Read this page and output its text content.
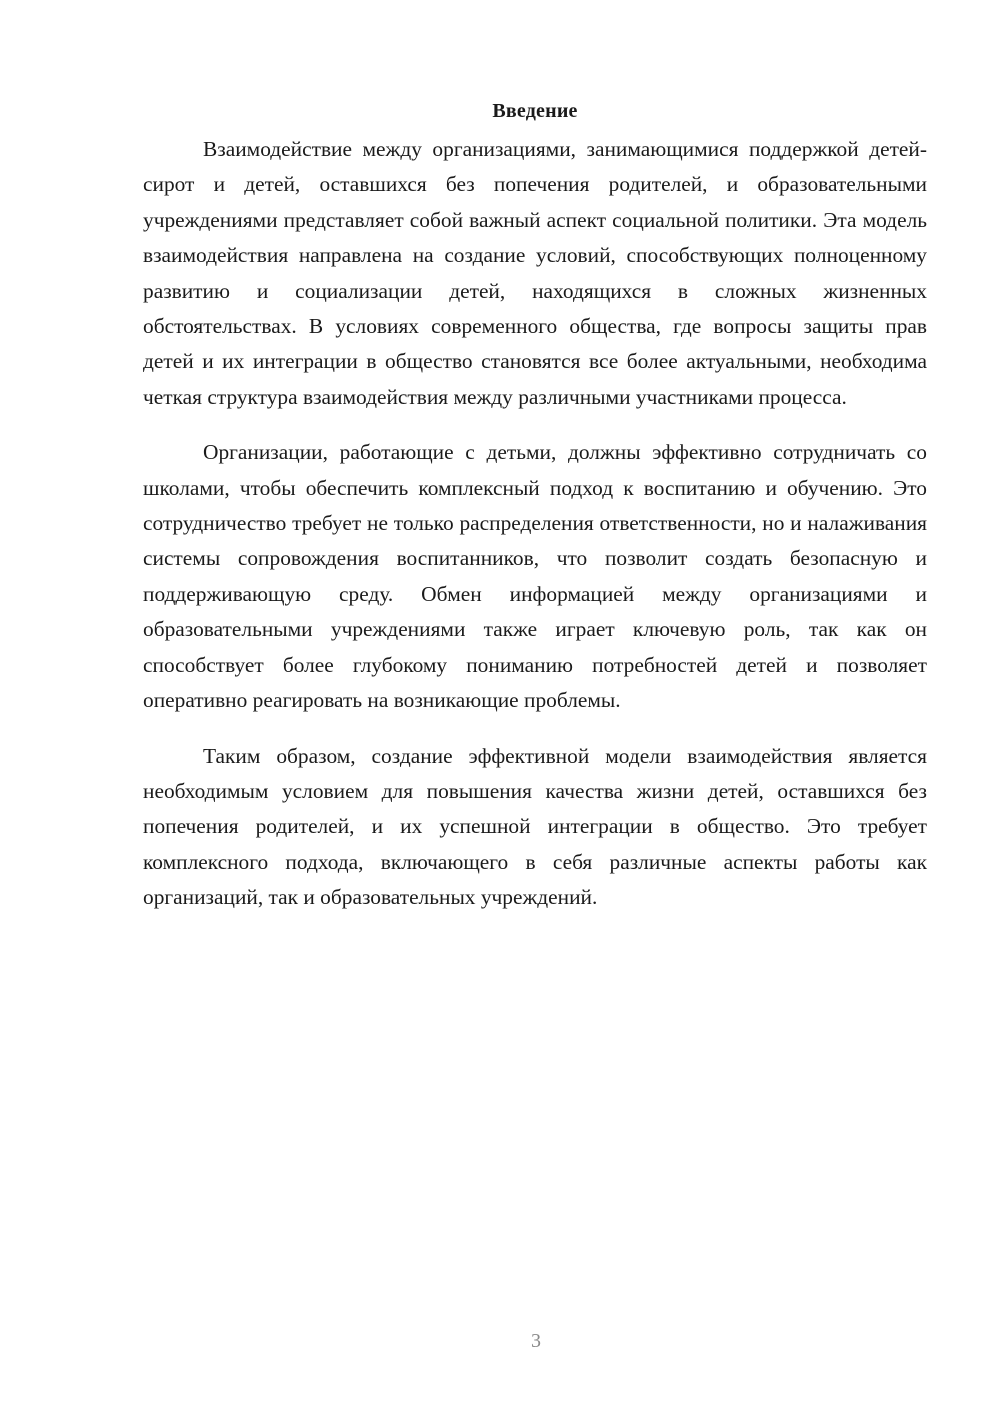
Введение

Взаимодействие между организациями, занимающимися поддержкой детей-сирот и детей, оставшихся без попечения родителей, и образовательными учреждениями представляет собой важный аспект социальной политики. Эта модель взаимодействия направлена на создание условий, способствующих полноценному развитию и социализации детей, находящихся в сложных жизненных обстоятельствах. В условиях современного общества, где вопросы защиты прав детей и их интеграции в общество становятся все более актуальными, необходима четкая структура взаимодействия между различными участниками процесса.

Организации, работающие с детьми, должны эффективно сотрудничать со школами, чтобы обеспечить комплексный подход к воспитанию и обучению. Это сотрудничество требует не только распределения ответственности, но и налаживания системы сопровождения воспитанников, что позволит создать безопасную и поддерживающую среду. Обмен информацией между организациями и образовательными учреждениями также играет ключевую роль, так как он способствует более глубокому пониманию потребностей детей и позволяет оперативно реагировать на возникающие проблемы.

Таким образом, создание эффективной модели взаимодействия является необходимым условием для повышения качества жизни детей, оставшихся без попечения родителей, и их успешной интеграции в общество. Это требует комплексного подхода, включающего в себя различные аспекты работы как организаций, так и образовательных учреждений.

3
